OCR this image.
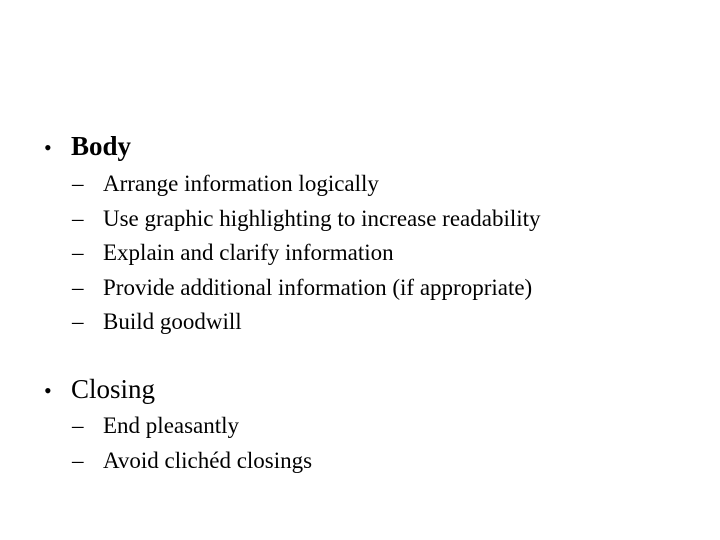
• Body
– Arrange information logically
– Use graphic highlighting to increase readability
– Explain and clarify information
– Provide additional information (if appropriate)
– Build goodwill
• Closing
– End pleasantly
– Avoid clichéd closings
